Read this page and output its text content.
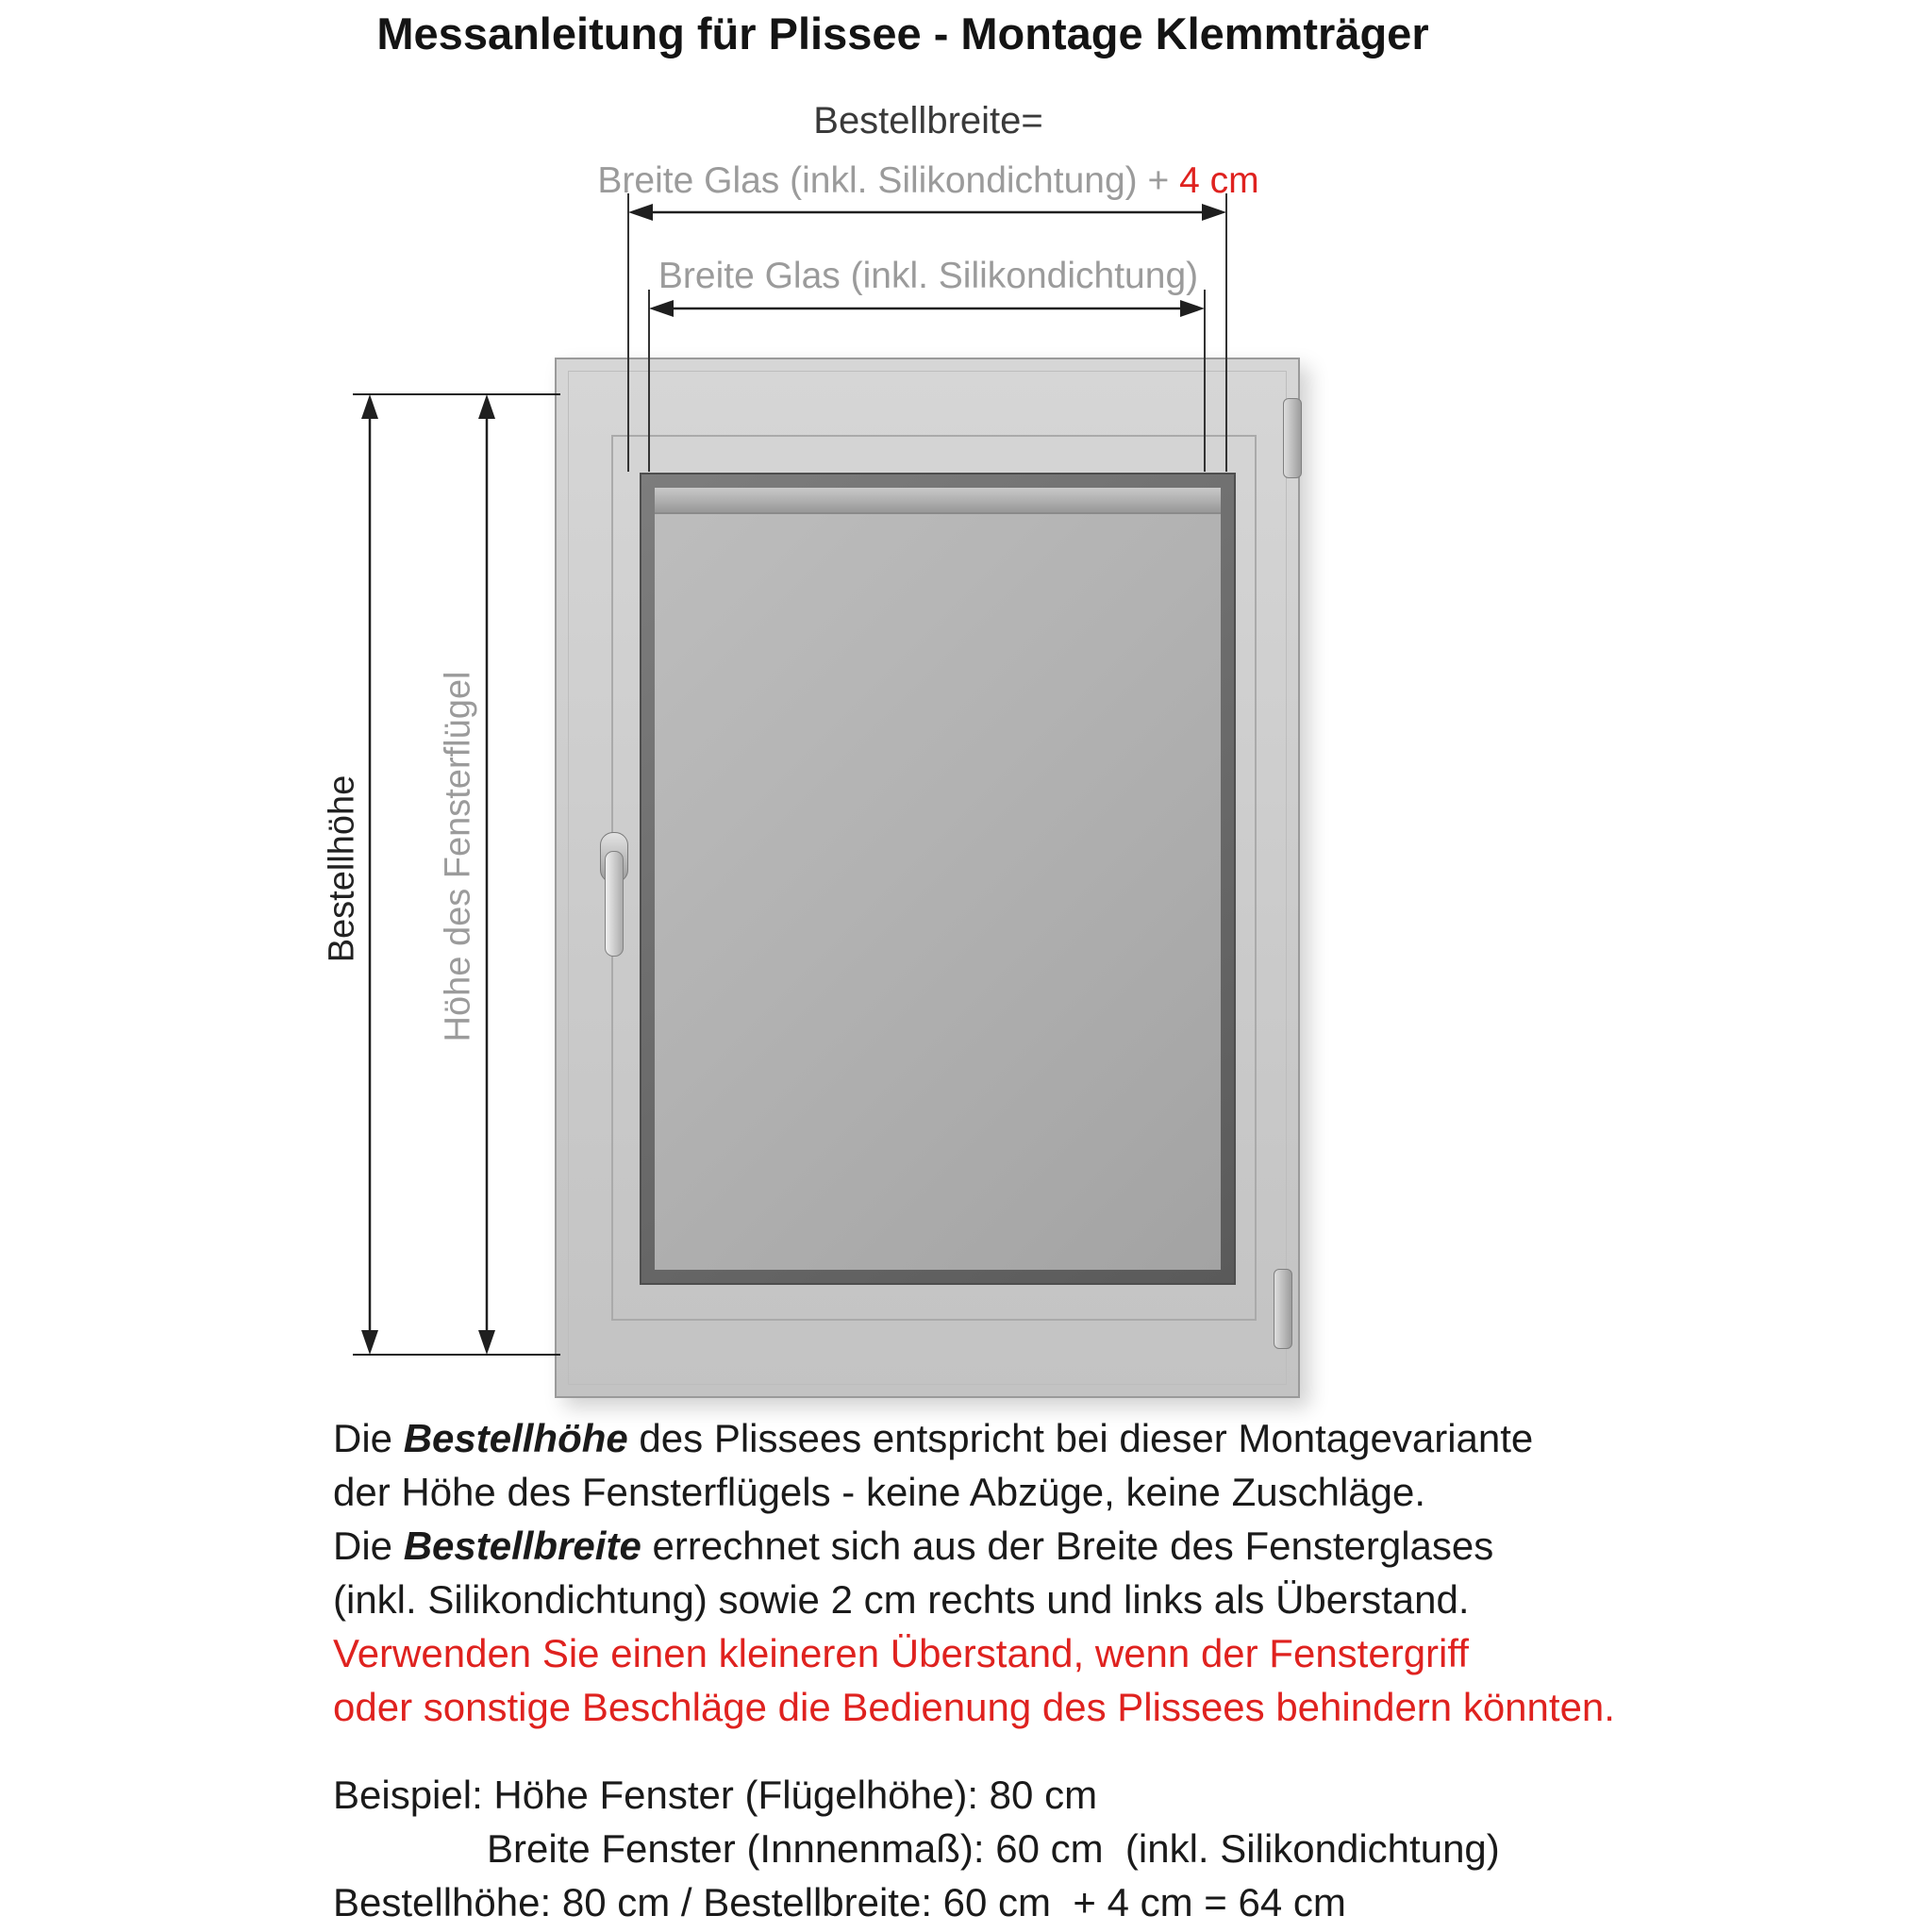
Messanleitung für Plissee - Montage Klemmträger
Bestellbreite=
Breite Glas (inkl. Silikondichtung) + 4 cm
Breite Glas (inkl. Silikondichtung)
Bestellhöhe Höhe des Fensterflügel
Die Bestellhöhe des Plissees entspricht bei dieser Montagevariante
der Höhe des Fensterflügels - keine Abzüge, keine Zuschläge.
Die Bestellbreite errechnet sich aus der Breite des Fensterglases
(inkl. Silikondichtung) sowie 2 cm rechts und links als Überstand.
Verwenden Sie einen kleineren Überstand, wenn der Fenstergriff
oder sonstige Beschläge die Bedienung des Plissees behindern könnten.
Beispiel: Höhe Fenster (Flügelhöhe): 80 cm
Breite Fenster (Innnenmaß): 60 cm  (inkl. Silikondichtung)
Bestellhöhe: 80 cm / Bestellbreite: 60 cm  + 4 cm = 64 cm
